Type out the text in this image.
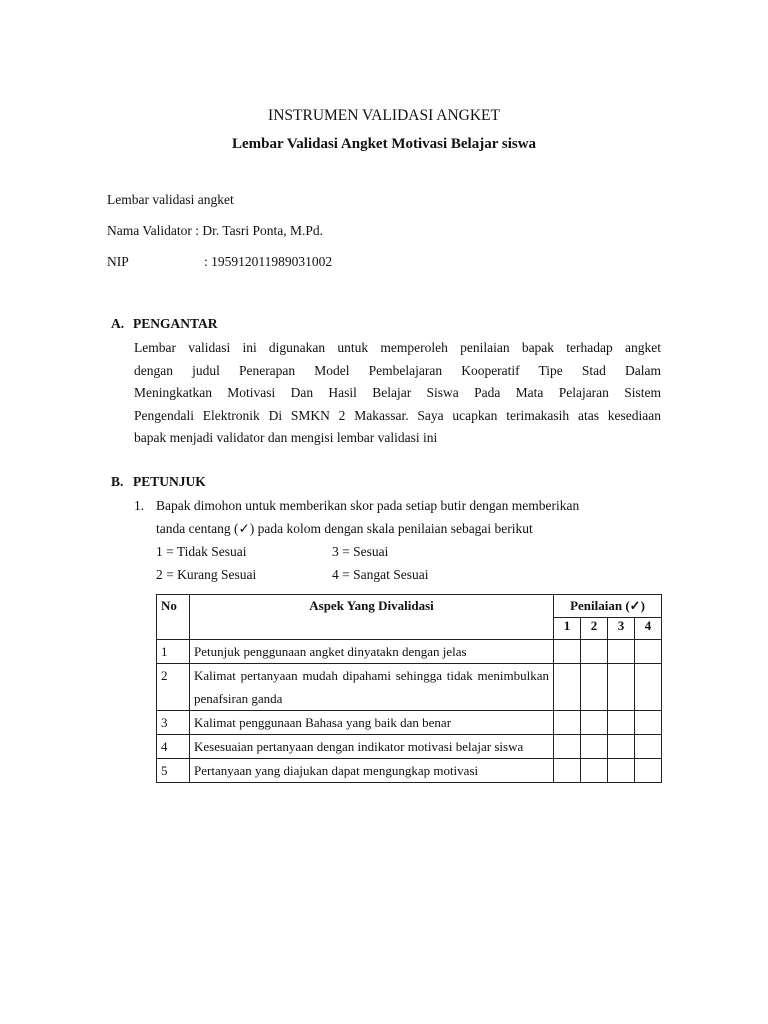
INSTRUMEN VALIDASI ANGKET
Lembar Validasi Angket Motivasi Belajar siswa
Lembar validasi angket
Nama Validator : Dr. Tasri Ponta, M.Pd.
NIP	: 195912011989031002
A. PENGANTAR
Lembar validasi ini digunakan untuk memperoleh penilaian bapak terhadap angket
dengan judul Penerapan Model Pembelajaran Kooperatif Tipe Stad Dalam
Meningkatkan Motivasi Dan Hasil Belajar Siswa Pada Mata Pelajaran Sistem
Pengendali Elektronik Di SMKN 2 Makassar. Saya ucapkan terimakasih atas kesediaan
bapak menjadi validator dan mengisi lembar validasi ini
B. PETUNJUK
1. Bapak dimohon untuk memberikan skor pada setiap butir dengan memberikan
tanda centang (✓) pada kolom dengan skala penilaian sebagai berikut
1 = Tidak Sesuai	3 = Sesuai
2 = Kurang Sesuai	4 = Sangat Sesuai
No	Aspek Yang Divalidasi	Penilaian (✓)			
		1	2	3	4
1	Petunjuk penggunaan angket dinyatakn dengan jelas				
2	Kalimat pertanyaan mudah dipahami sehingga tidak menimbulkan penafsiran ganda				
3	Kalimat penggunaan Bahasa yang baik dan benar				
4	Kesesuaian pertanyaan dengan indikator motivasi belajar siswa				
5	Pertanyaan yang diajukan dapat mengungkap motivasi				
